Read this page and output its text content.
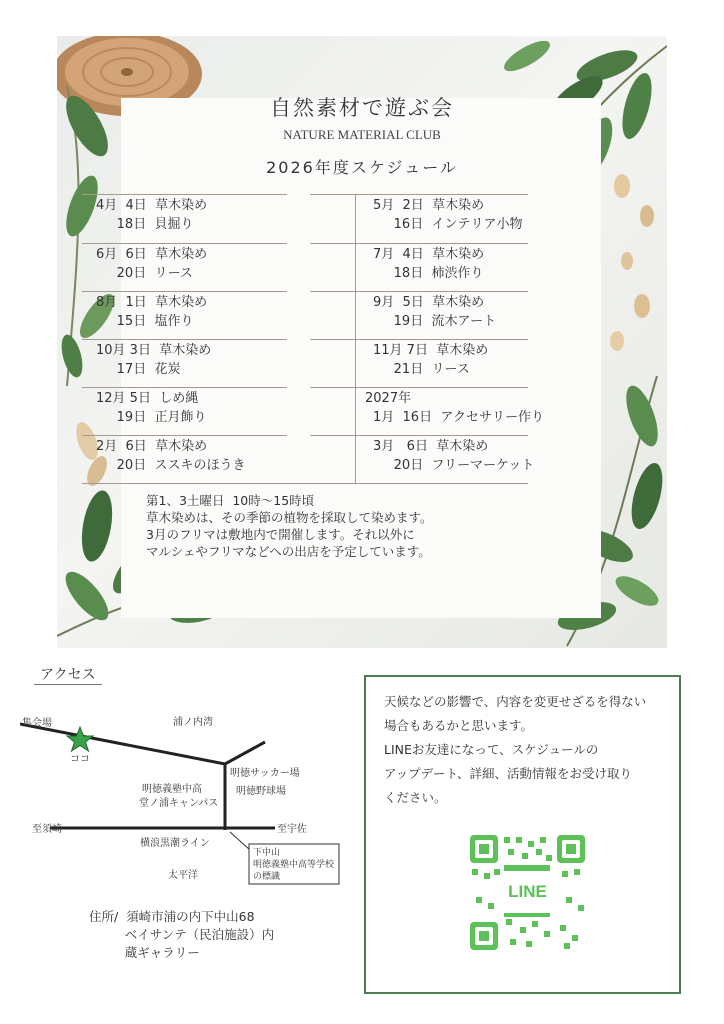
自然素材で遊ぶ会
NATURE MATERIAL CLUB
2026年度スケジュール
4月  4日  草木染め
18日  貝掘り
5月  2日  草木染め
16日  インテリア小物
6月  6日  草木染め
20日  リース
7月  4日  草木染め
18日  柿渋作り
8月  1日  草木染め
15日  塩作り
9月  5日  草木染め
19日  流木アート
10月 3日  草木染め
17日  花炭
11月 7日  草木染め
21日  リース
12月 5日  しめ縄
19日  正月飾り
2027年
1月  16日  アクセサリー作り
2月  6日  草木染め
20日  ススキのほうき
3月   6日  草木染め
20日  フリーマーケット
第1、3土曜日  10時～15時頃
草木染めは、その季節の植物を採取して染めます。
3月のフリマは敷地内で開催します。それ以外に
マルシェやフリマなどへの出店を予定しています。
アクセス
集会場
ココ
浦ノ内湾
明徳サッカー場
明徳野球場
明徳義塾中高
堂ノ浦キャンパス
至須崎	至宇佐
横浪黒潮ライン
太平洋
下中山
明徳義塾中高等学校
の標識
住所/  須崎市浦の内下中山68
ベイサンテ（民泊施設）内
蔵ギャラリー
天候などの影響で、内容を変更せざるを得ない
場合もあるかと思います。
LINEお友達になって、スケジュールの
アップデート、詳細、活動情報をお受け取り
ください。
LINE
